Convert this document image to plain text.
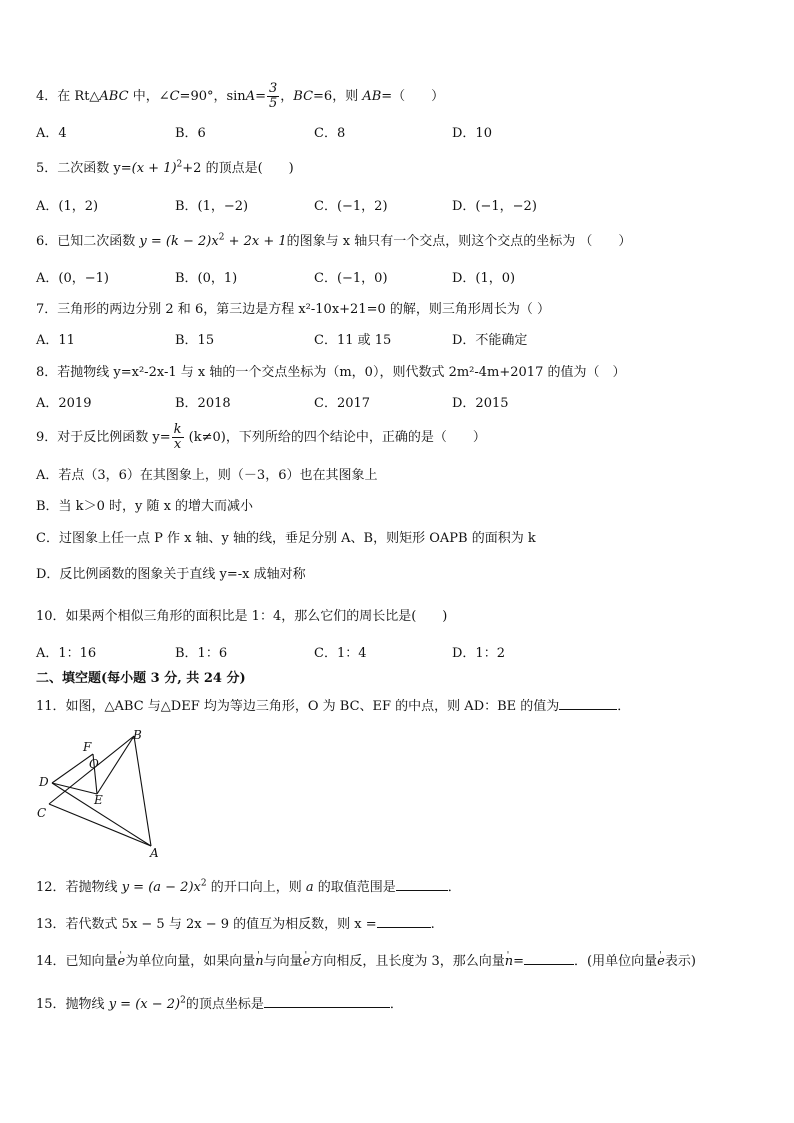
4．在 Rt△ABC 中，∠C=90°，$\sin A= \frac{3}{5}$ ，BC=6，则 AB=（　　）
A．4	B．6	C．8	D．10
5．二次函数 $y=(x + 1)^2+2$ 的顶点是(　　)
A．(1，2)	B．(1，−2)	C．(−1，2)	D．(−1，−2)
6．已知二次函数 $y = (k - 2)x^2 + 2x + 1$的图象与 x 轴只有一个交点，则这个交点的坐标为 （　　）
A．(0，−1)	B．(0，1)	C．(−1，0)	D．(1，0)
7．三角形的两边分别 2 和 6，第三边是方程 x²-10x+21=0 的解，则三角形周长为（ ）
A．11	B．15	C．11 或 15	D．不能确定
8．若抛物线 y=x²-2x-1 与 x 轴的一个交点坐标为（m，0），则代数式 2m²-4m+2017 的值为（　）
A．2019	B．2018	C．2017	D．2015
9．对于反比例函数 $y= \frac{k}{x} (k\ne 0)$，下列所给的四个结论中，正确的是（　　）
A．若点（3，6）在其图象上，则（－3，6）也在其图象上
B．当 k＞0 时，y 随 x 的增大而减小
C．过图象上任一点 P 作 x 轴、y 轴的线，垂足分别 A、B，则矩形 OAPB 的面积为 k
D．反比例函数的图象关于直线 y=-x 成轴对称
10．如果两个相似三角形的面积比是 1：4，那么它们的周长比是(　　)
A．1：16	B．1：6	C．1：4	D．1：2
二、填空题(每小题 3 分, 共 24 分)
11．如图，△ABC 与△DEF 均为等边三角形，O 为 BC、EF 的中点，则 AD：BE 的值为	．
B
F
O
D
E
C
A
12．若抛物线 $y = (a - 2)x^2$ 的开口向上，则 a 的取值范围是	．
13．若代数式 5x − 5 与 2x − 9 的值互为相反数，则 x =	.
14．已知向量' e为单位向量，如果向量' n与向量' e方向相反，且长度为 3，那么向量' n=	．(用单位向量' e表示)
15．抛物线 $y = (x - 2)^2$的顶点坐标是	．
